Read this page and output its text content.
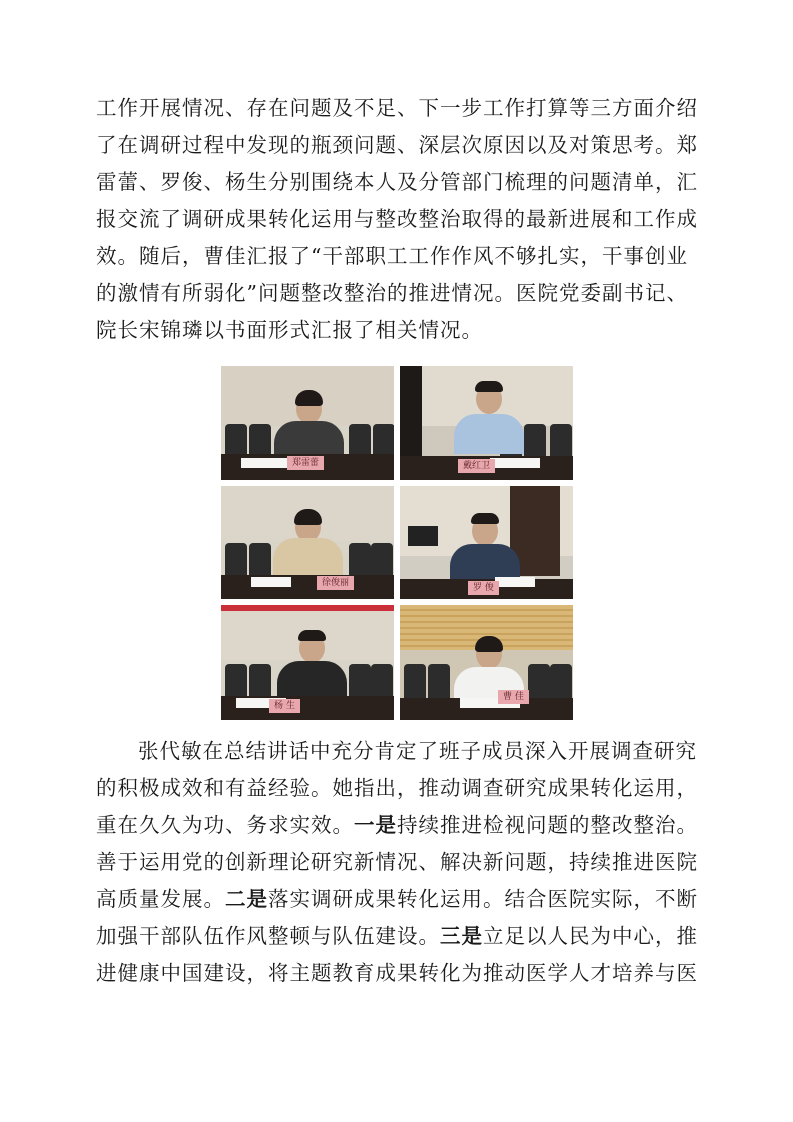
工作开展情况、存在问题及不足、下一步工作打算等三方面介绍了在调研过程中发现的瓶颈问题、深层次原因以及对策思考。郑雷蕾、罗俊、杨生分别围绕本人及分管部门梳理的问题清单，汇报交流了调研成果转化运用与整改整治取得的最新进展和工作成效。随后，曹佳汇报了“干部职工工作作风不够扎实，干事创业的激情有所弱化”问题整改整治的推进情况。医院党委副书记、院长宋锦璘以书面形式汇报了相关情况。

郑雷蕾	戴红卫
徐俊丽	罗 俊
杨 生
曹 佳

张代敏在总结讲话中充分肯定了班子成员深入开展调查研究的积极成效和有益经验。她指出，推动调查研究成果转化运用，重在久久为功、务求实效。一是持续推进检视问题的整改整治。善于运用党的创新理论研究新情况、解决新问题，持续推进医院高质量发展。二是落实调研成果转化运用。结合医院实际，不断加强干部队伍作风整顿与队伍建设。三是立足以人民为中心，推进健康中国建设，将主题教育成果转化为推动医学人才培养与医
